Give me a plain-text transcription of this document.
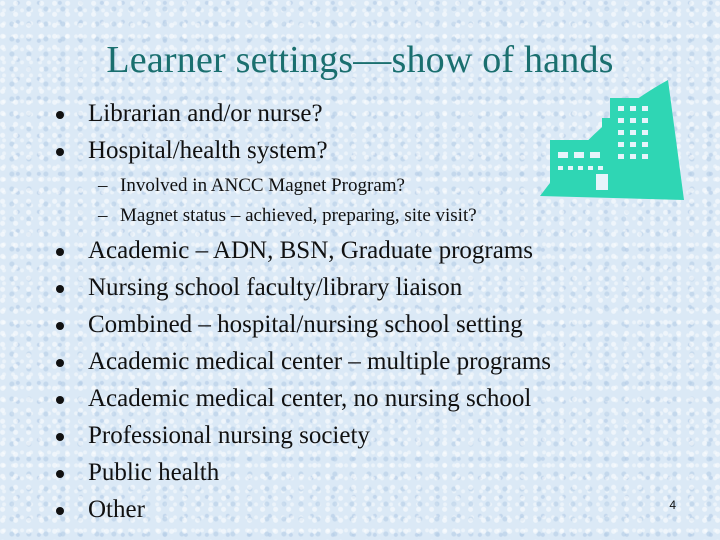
Learner settings—show of hands
Librarian and/or nurse?
Hospital/health system?
– Involved in ANCC Magnet Program?
– Magnet status – achieved, preparing, site visit?
Academic – ADN, BSN, Graduate programs
Nursing school faculty/library liaison
Combined – hospital/nursing school setting
Academic medical center – multiple programs
Academic medical center, no nursing school
Professional nursing society
Public health
Other	4
